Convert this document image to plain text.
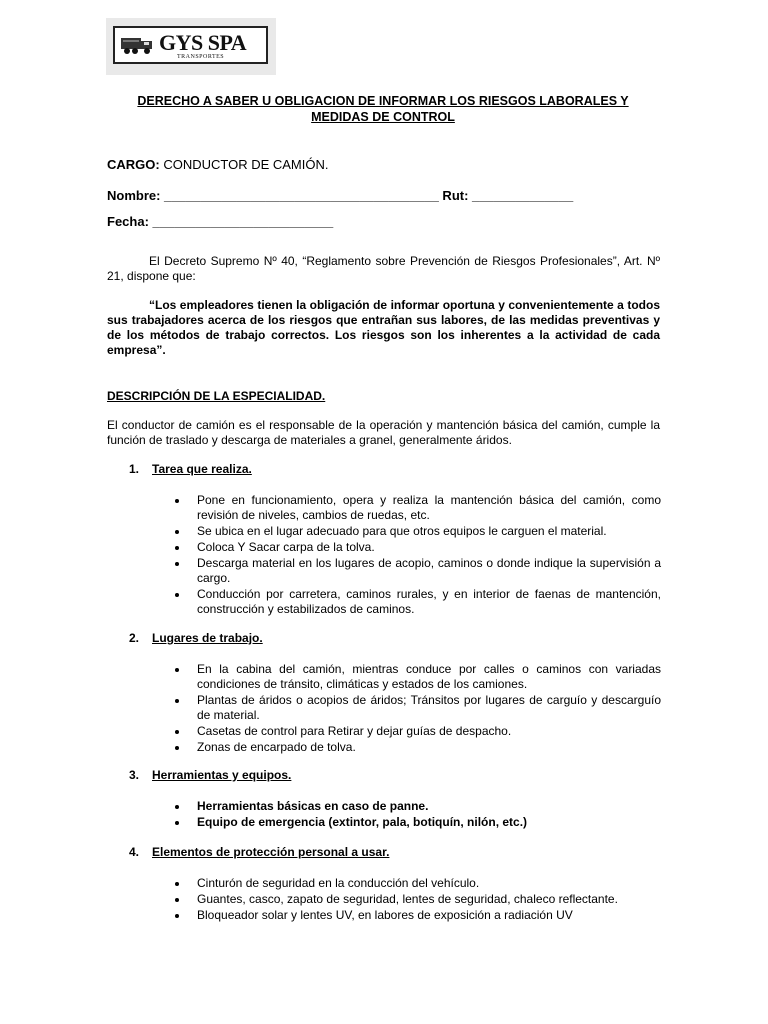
GYS SPA
TRANSPORTES
DERECHO A SABER U OBLIGACION DE INFORMAR LOS RIESGOS LABORALES Y
MEDIDAS DE CONTROL
CARGO: CONDUCTOR DE CAMIÓN.
Nombre: ______________________________________ Rut: ______________
Fecha: _________________________
El Decreto Supremo Nº 40, “Reglamento sobre Prevención de Riesgos Profesionales”, Art. Nº 21, dispone que:
“Los empleadores tienen la obligación de informar oportuna y convenientemente a todos sus trabajadores acerca de los riesgos que entrañan sus labores, de las medidas preventivas y de los métodos de trabajo correctos. Los riesgos son los inherentes a la actividad de cada empresa”.
DESCRIPCIÓN DE LA ESPECIALIDAD.
El conductor de camión es el responsable de la operación y mantención básica del camión, cumple la función de traslado y descarga de materiales a granel, generalmente áridos.
1. Tarea que realiza.
Pone en funcionamiento, opera y realiza la mantención básica del camión, como revisión de niveles, cambios de ruedas, etc.
Se ubica en el lugar adecuado para que otros equipos le carguen el material.
Coloca Y Sacar carpa de la tolva.
Descarga material en los lugares de acopio, caminos o donde indique la supervisión a cargo.
Conducción por carretera, caminos rurales, y en interior de faenas de mantención, construcción y estabilizados de caminos.
2. Lugares de trabajo.
En la cabina del camión, mientras conduce por calles o caminos con variadas condiciones de tránsito, climáticas y estados de los camiones.
Plantas de áridos o acopios de áridos; Tránsitos por lugares de carguío y descarguío de material.
Casetas de control para Retirar y dejar guías de despacho.
Zonas de encarpado de tolva.
3. Herramientas y equipos.
Herramientas básicas en caso de panne.
Equipo de emergencia (extintor, pala, botiquín, nilón, etc.)
4. Elementos de protección personal a usar.
Cinturón de seguridad en la conducción del vehículo.
Guantes, casco, zapato de seguridad, lentes de seguridad, chaleco reflectante.
Bloqueador solar y lentes UV, en labores de exposición a radiación UV
